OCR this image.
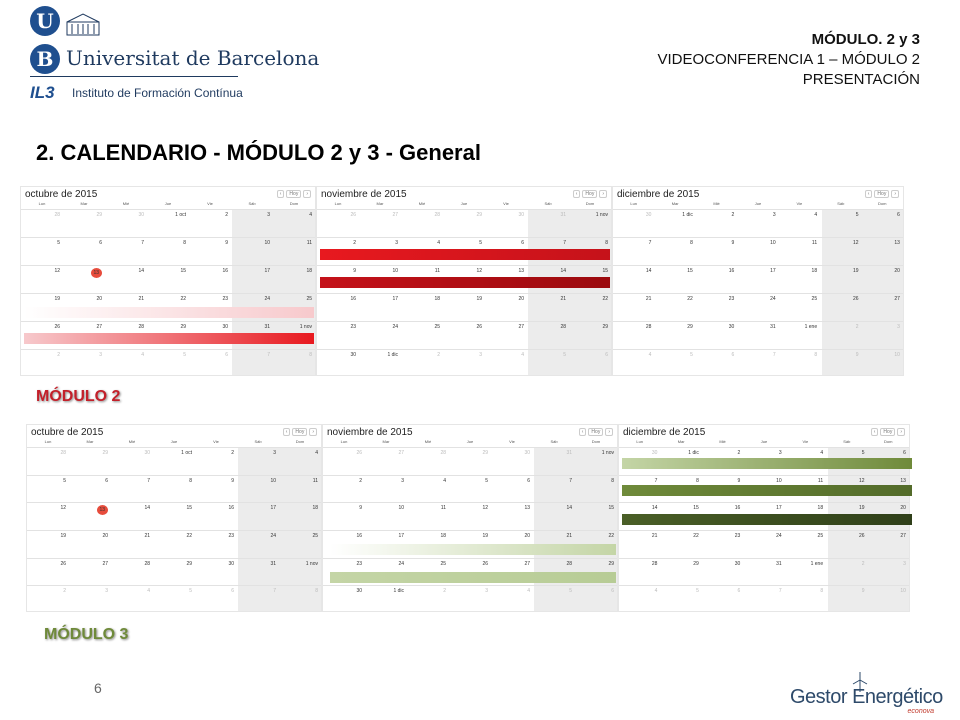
U
B Universitat de Barcelona
IL3 Instituto de Formación Contínua
MÓDULO. 2 y 3
VIDEOCONFERENCIA 1 – MÓDULO 2
PRESENTACIÓN
2. CALENDARIO - MÓDULO 2 y 3 - General
octubre de 2015	‹	Hoy	›
Lun	Mar	Mié	Jue	Vie	Sáb	Dom
28	29	30	1 oct	2	3	4
5	6	7	8	9	10	11
12	13	14	15	16	17	18
19	20	21	22	23	24	25
26	27	28	29	30	31	1 nov
2	3	4	5	6	7	8
noviembre de 2015	‹	Hoy	›
Lun	Mar	Mié	Jue	Vie	Sáb	Dom
26	27	28	29	30	31	1 nov
2	3	4	5	6	7	8
9	10	11	12	13	14	15
16	17	18	19	20	21	22
23	24	25	26	27	28	29
30	1 dic	2	3	4	5	6
diciembre de 2015	‹	Hoy	›
Lun	Mar	Mié	Jue	Vie	Sáb	Dom
30	1 dic	2	3	4	5	6
7	8	9	10	11	12	13
14	15	16	17	18	19	20
21	22	23	24	25	26	27
28	29	30	31	1 ene	2	3
4	5	6	7	8	9	10
octubre de 2015	‹	Hoy	›
Lun	Mar	Mié	Jue	Vie	Sáb	Dom
28	29	30	1 oct	2	3	4
5	6	7	8	9	10	11
12	13	14	15	16	17	18
19	20	21	22	23	24	25
26	27	28	29	30	31	1 nov
2	3	4	5	6	7	8
noviembre de 2015	‹	Hoy	›
Lun	Mar	Mié	Jue	Vie	Sáb	Dom
26	27	28	29	30	31	1 nov
2	3	4	5	6	7	8
9	10	11	12	13	14	15
16	17	18	19	20	21	22
23	24	25	26	27	28	29
30	1 dic	2	3	4	5	6
diciembre de 2015	‹	Hoy	›
Lun	Mar	Mié	Jue	Vie	Sáb	Dom
30	1 dic	2	3	4	5	6
7	8	9	10	11	12	13
14	15	16	17	18	19	20
21	22	23	24	25	26	27
28	29	30	31	1 ene	2	3
4	5	6	7	8	9	10
MÓDULO 2
MÓDULO 3
6	Gestor Energético
econova
